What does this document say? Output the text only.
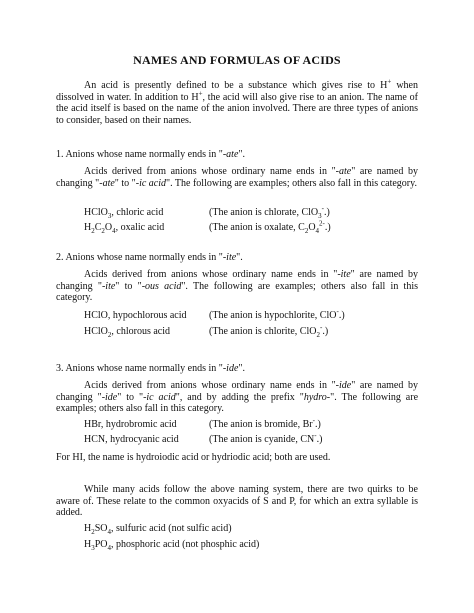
NAMES AND FORMULAS OF ACIDS
An acid is presently defined to be a substance which gives rise to H+ when dissolved in water. In addition to H+, the acid will also give rise to an anion. The name of the acid itself is based on the name of the anion involved. There are three types of anions to consider, based on their names.
1. Anions whose name normally ends in "-ate".
Acids derived from anions whose ordinary name ends in "-ate" are named by changing "-ate" to "-ic acid". The following are examples; others also fall in this category.
HClO$_3$, chloric acid	(The anion is chlorate, ClO$_3$-.)
$H_2C_2O_4$, oxalic acid	(The anion is oxalate, $C_2O_4^{2-}$.)
2. Anions whose name normally ends in "-ite".
Acids derived from anions whose ordinary name ends in "-ite" are named by changing "-ite" to "-ous acid". The following are examples; others also fall in this category.
HClO, hypochlorous acid (The anion is hypochlorite, ClO-.)
HClO$_2$, chlorous acid	(The anion is chlorite, ClO$_2$-.)
3. Anions whose name normally ends in "-ide".
Acids derived from anions whose ordinary name ends in "-ide" are named by changing "-ide" to "-ic acid", and by adding the prefix "hydro-". The following are examples; others also fall in this category.
HBr, hydrobromic acid	(The anion is bromide, Br-.)
HCN, hydrocyanic acid	(The anion is cyanide, CN-.)
For HI, the name is hydroiodic acid or hydriodic acid; both are used.
While many acids follow the above naming system, there are two quirks to be aware of. These relate to the common oxyacids of S and P, for which an extra syllable is added.
$H_2SO_4$, sulfuric acid (not sulfic acid)
$H_3PO_4$, phosphoric acid (not phosphic acid)
